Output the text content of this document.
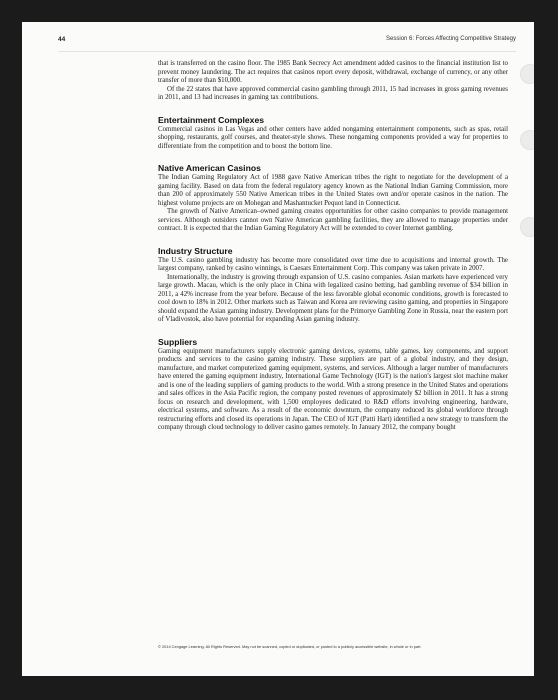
44	Session 6: Forces Affecting Competitive Strategy

that is transferred on the casino floor. The 1985 Bank Secrecy Act amendment added casinos to the financial institution list to prevent money laundering. The act requires that casinos report every deposit, withdrawal, exchange of currency, or any other transfer of more than $10,000.

Of the 22 states that have approved commercial casino gambling through 2011, 15 had increases in gross gaming revenues in 2011, and 13 had increases in gaming tax contributions.

Entertainment Complexes

Commercial casinos in Las Vegas and other centers have added nongaming entertainment components, such as spas, retail shopping, restaurants, golf courses, and theater-style shows. These nongaming components provided a way for properties to differentiate from the competition and to boost the bottom line.

Native American Casinos

The Indian Gaming Regulatory Act of 1988 gave Native American tribes the right to negotiate for the development of a gaming facility. Based on data from the federal regulatory agency known as the National Indian Gaming Commission, more than 200 of approximately 550 Native American tribes in the United States own and/or operate casinos in the nation. The highest volume projects are on Mohegan and Mashantucket Pequot land in Connecticut.

The growth of Native American–owned gaming creates opportunities for other casino companies to provide management services. Although outsiders cannot own Native American gambling facilities, they are allowed to manage properties under contract. It is expected that the Indian Gaming Regulatory Act will be extended to cover Internet gambling.

Industry Structure

The U.S. casino gambling industry has become more consolidated over time due to acquisitions and internal growth. The largest company, ranked by casino winnings, is Caesars Entertainment Corp. This company was taken private in 2007.

Internationally, the industry is growing through expansion of U.S. casino companies. Asian markets have experienced very large growth. Macau, which is the only place in China with legalized casino betting, had gambling revenue of $34 billion in 2011, a 42% increase from the year before. Because of the less favorable global economic conditions, growth is forecasted to cool down to 18% in 2012. Other markets such as Taiwan and Korea are reviewing casino gaming, and properties in Singapore should expand the Asian gaming industry. Development plans for the Primorye Gambling Zone in Russia, near the eastern port of Vladivostok, also have potential for expanding Asian gaming industry.

Suppliers

Gaming equipment manufacturers supply electronic gaming devices, systems, table games, key components, and support products and services to the casino gaming industry. These suppliers are part of a global industry, and they design, manufacture, and market computerized gaming equipment, systems, and services. Although a larger number of manufacturers have entered the gaming equipment industry, International Game Technology (IGT) is the nation's largest slot machine maker and is one of the leading suppliers of gaming products to the world. With a strong presence in the United States and operations and sales offices in the Asia Pacific region, the company posted revenues of approximately $2 billion in 2011. It has a strong focus on research and development, with 1,500 employees dedicated to R&D efforts involving engineering, hardware, electrical systems, and software. As a result of the economic downturn, the company reduced its global workforce through restructuring efforts and closed its operations in Japan. The CEO of IGT (Patti Hart) identified a new strategy to transform the company through cloud technology to deliver casino games remotely. In January 2012, the company bought

© 2014 Cengage Learning. All Rights Reserved. May not be scanned, copied or duplicated, or posted to a publicly accessible website, in whole or in part.
